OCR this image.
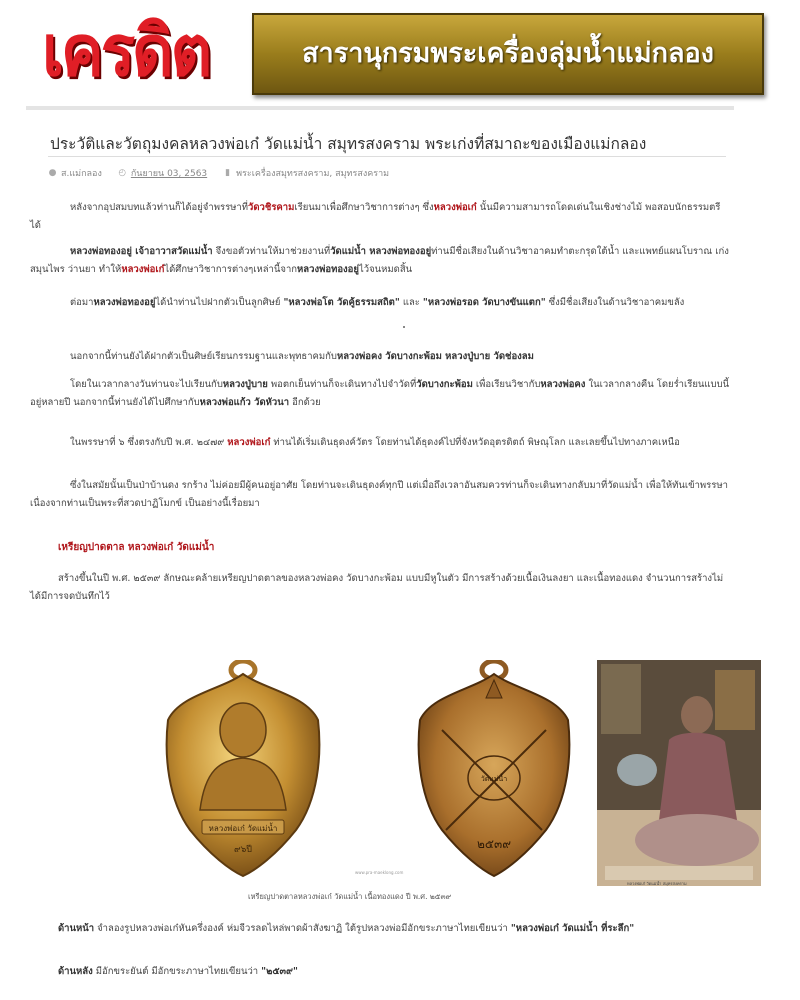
เครดิต	สารานุกรมพระเครื่องลุ่มน้ำแม่กลอง
ประวัติและวัตถุมงคลหลวงพ่อเก๋ วัดแม่น้ำ สมุทรสงคราม พระเก่งที่สมาถะของเมืองแม่กลอง
● ส.แม่กลอง ◴ กันยายน 03, 2563 ▮ พระเครื่องสมุทรสงคราม, สมุทรสงคราม

หลังจากอุปสมบทแล้วท่านก็ได้อยู่จำพรรษาที่วัดวชิรคามเรียนมาเพื่อศึกษาวิชาการต่างๆ ซึ่งหลวงพ่อเก๋ นั้นมีความสามารถโดดเด่นในเชิงช่างไม้ พอสอบนักธรรมตรีได้

หลวงพ่อทองอยู่ เจ้าอาวาสวัดแม่น้ำ จึงขอตัวท่านให้มาช่วยงานที่วัดแม่น้ำ หลวงพ่อทองอยู่ท่านมีชื่อเสียงในด้านวิชาอาคมทำตะกรุดใต้น้ำ และแพทย์แผนโบราณ เก่งสมุนไพร ว่านยา ทำให้หลวงพ่อเก๋ได้ศึกษาวิชาการต่างๆเหล่านี้จากหลวงพ่อทองอยู่ไว้จนหมดสิ้น

ต่อมาหลวงพ่อทองอยู่ได้นำท่านไปฝากตัวเป็นลูกศิษย์ "หลวงพ่อโต วัดคู้ธรรมสถิต" และ "หลวงพ่อรอด วัดบางขันแตก" ซึ่งมีชื่อเสียงในด้านวิชาอาคมขลัง

นอกจากนี้ท่านยังได้ฝากตัวเป็นศิษย์เรียนกรรมฐานและพุทธาคมกับหลวงพ่อคง วัดบางกะพ้อม หลวงปู่บาย วัดช่องลม

โดยในเวลากลางวันท่านจะไปเรียนกับหลวงปู่บาย พอตกเย็นท่านก็จะเดินทางไปจำวัดที่วัดบางกะพ้อม เพื่อเรียนวิชากับหลวงพ่อคง ในเวลากลางคืน โดยร่ำเรียนแบบนี้อยู่หลายปี นอกจากนี้ท่านยังได้ไปศึกษากับหลวงพ่อแก้ว วัดหัวนา อีกด้วย

ในพรรษาที่ ๖ ซึ่งตรงกับปี พ.ศ. ๒๔๗๙ หลวงพ่อเก๋ ท่านได้เริ่มเดินธุดงค์วัตร โดยท่านได้ธุดงค์ไปที่จังหวัดอุตรดิตถ์ พิษณุโลก และเลยขึ้นไปทางภาคเหนือ

ซึ่งในสมัยนั้นเป็นป่าบ้านดง รกร้าง ไม่ค่อยมีผู้คนอยู่อาศัย โดยท่านจะเดินธุดงค์ทุกปี แต่เมื่อถึงเวลาอันสมควรท่านก็จะเดินทางกลับมาที่วัดแม่น้ำ เพื่อให้ทันเข้าพรรษาเนื่องจากท่านเป็นพระที่สวดปาฏิโมกข์ เป็นอย่างนี้เรื่อยมา

เหรียญปาดตาล หลวงพ่อเก๋ วัดแม่น้ำ

สร้างขึ้นในปี พ.ศ. ๒๕๓๙ ลักษณะคล้ายเหรียญปาดตาลของหลวงพ่อคง วัดบางกะพ้อม แบบมีหูในตัว มีการสร้างด้วยเนื้อเงินลงยา และเนื้อทองแดง จำนวนการสร้างไม่ได้มีการจดบันทึกไว้

หลวงพ่อเก๋ วัดแม่น้ำ
๙๖ปี
วัดแม่น้ำ
๒๕๓๙
www.pra-maeklong.com
หลวงพ่อเก๋ วัดแม่น้ำ สมุทรสงคราม
เหรียญปาดตาลหลวงพ่อเก๋ วัดแม่น้ำ เนื้อทองแดง ปี พ.ศ. ๒๕๓๙

ด้านหน้า จำลองรูปหลวงพ่อเก๋หันครึ่งองค์ ห่มจีวรลดไหล่พาดผ้าสังฆาฏิ ใต้รูปหลวงพ่อมีอักขระภาษาไทยเขียนว่า "หลวงพ่อเก๋ วัดแม่น้ำ ที่ระลึก"

ด้านหลัง มีอักขระยันต์ มีอักขระภาษาไทยเขียนว่า "๒๕๓๙"
